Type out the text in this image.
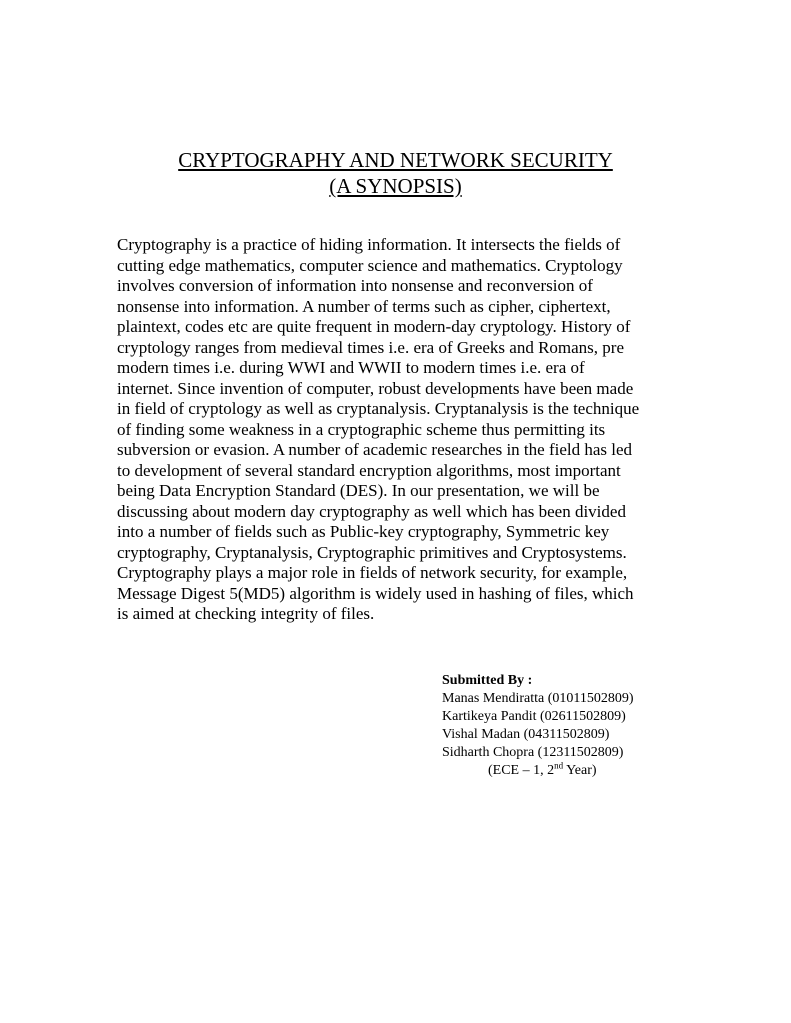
CRYPTOGRAPHY AND NETWORK SECURITY
(A SYNOPSIS)
Cryptography is a practice of hiding information. It intersects the fields of
cutting edge mathematics, computer science and mathematics. Cryptology
involves conversion of information into nonsense and reconversion of
nonsense into information. A number of terms such as cipher, ciphertext,
plaintext, codes etc are quite frequent in modern-day cryptology. History of
cryptology ranges from medieval times i.e. era of Greeks and Romans, pre
modern times i.e. during WWI and WWII to modern times i.e. era of
internet. Since invention of computer, robust developments have been made
in field of cryptology as well as cryptanalysis. Cryptanalysis is the technique
of finding some weakness in a cryptographic scheme thus permitting its
subversion or evasion. A number of academic researches in the field has led
to development of several standard encryption algorithms, most important
being Data Encryption Standard (DES). In our presentation, we will be
discussing about modern day cryptography as well which has been divided
into a number of fields such as Public-key cryptography, Symmetric key
cryptography, Cryptanalysis, Cryptographic primitives and Cryptosystems.
Cryptography plays a major role in fields of network security, for example,
Message Digest 5(MD5) algorithm is widely used in hashing of files, which
is aimed at checking integrity of files.
Submitted By :
Manas Mendiratta (01011502809)
Kartikeya Pandit (02611502809)
Vishal Madan (04311502809)
Sidharth Chopra (12311502809)
(ECE – 1, 2nd Year)
